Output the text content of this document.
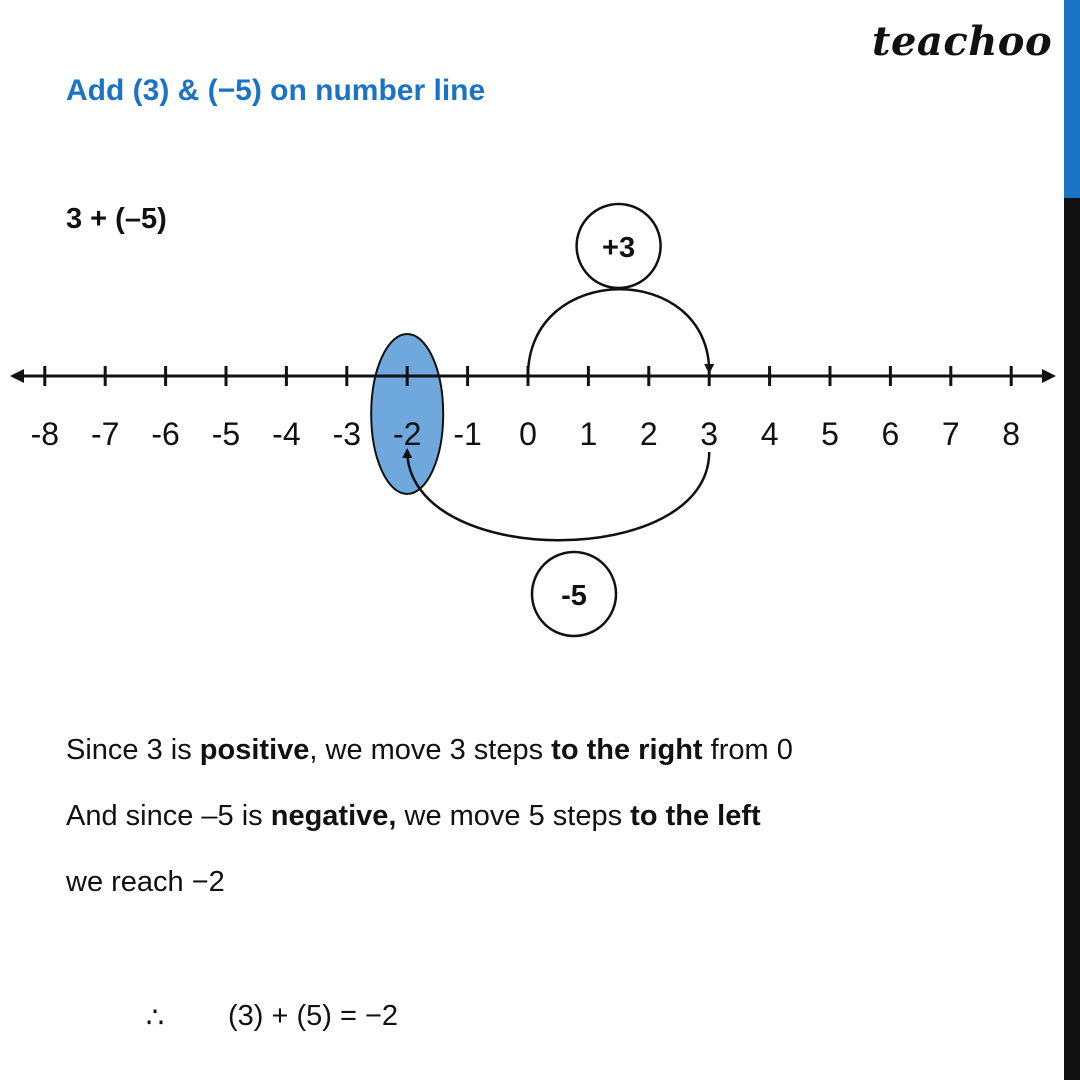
teachoo
Add (3) & (−5) on number line
3 + (–5)
-8 -7 -6 -5 -4 -3 -2 -1 0 1 2 3 4 5 6 7 8
+3
-5
Since 3 is positive, we move 3 steps to the right from 0
And since –5 is negative, we move 5 steps to the left
we reach −2
∴ (3) + (5) = −2
